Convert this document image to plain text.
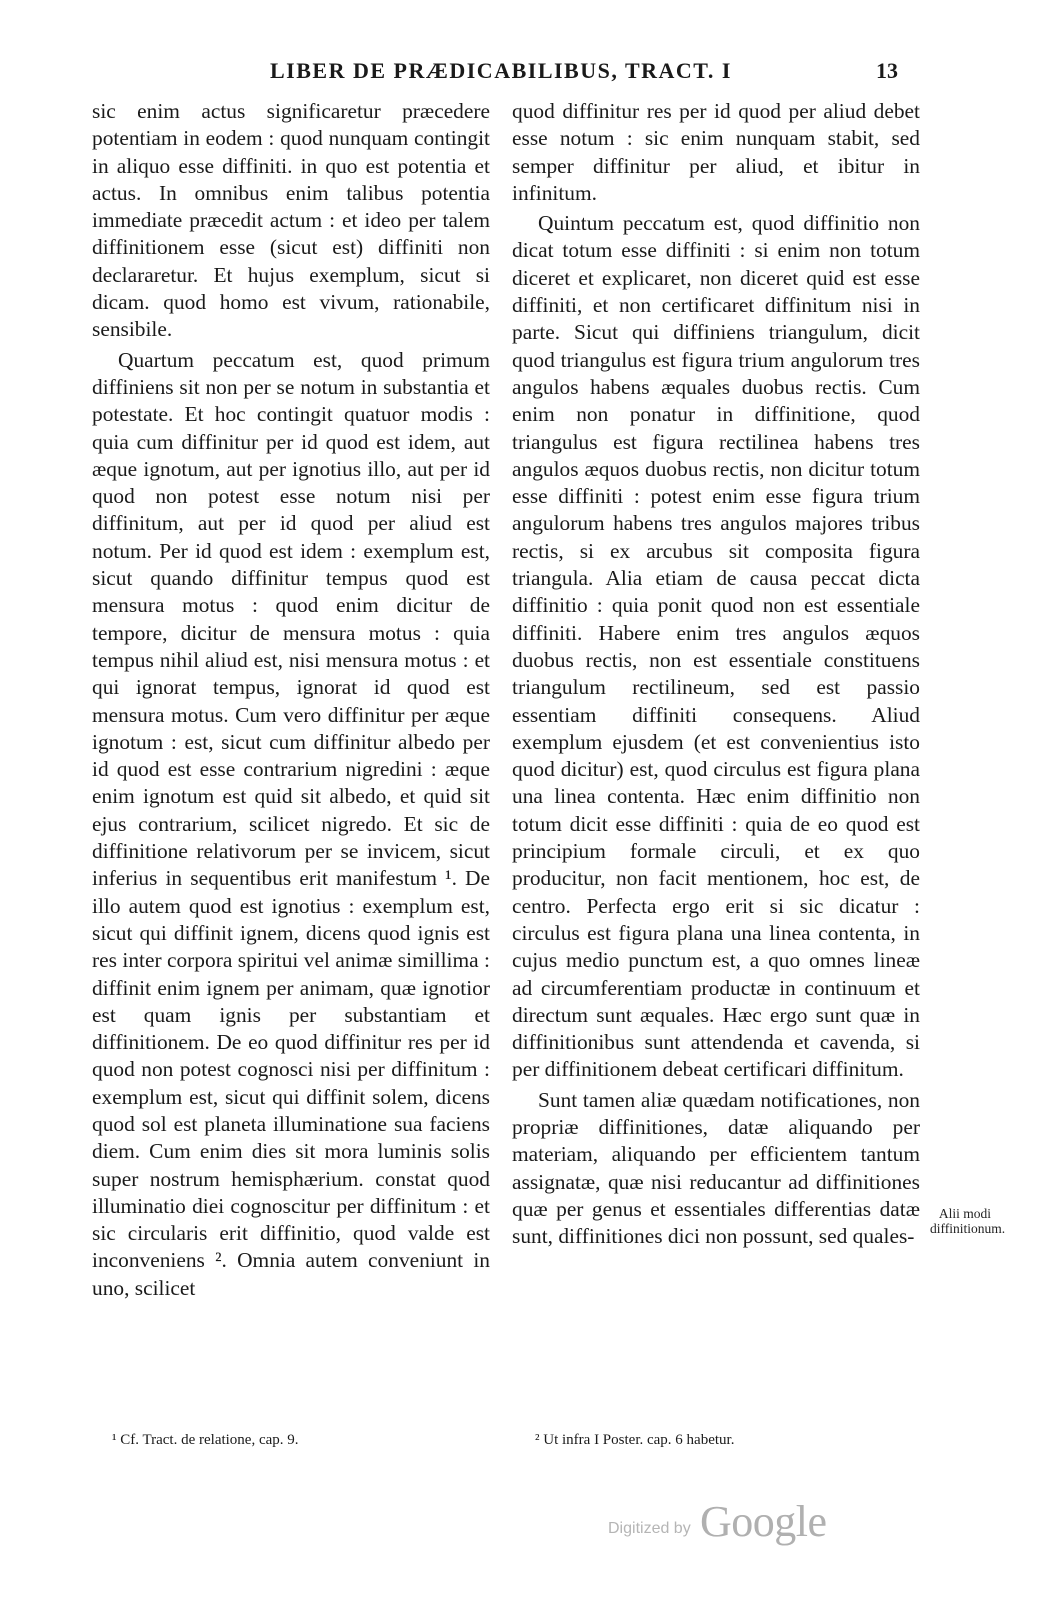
LIBER DE PRÆDICABILIBUS, TRACT. I	13

sic enim actus significaretur præcedere potentiam in eodem : quod nunquam contingit in aliquo esse diffiniti. in quo est potentia et actus. In omnibus enim talibus potentia immediate præcedit actum : et ideo per talem diffinitionem esse (sicut est) diffiniti non declararetur. Et hujus exemplum, sicut si dicam. quod homo est vivum, rationabile, sensibile.

Quartum peccatum est, quod primum diffiniens sit non per se notum in substantia et potestate. Et hoc contingit quatuor modis : quia cum diffinitur per id quod est idem, aut æque ignotum, aut per ignotius illo, aut per id quod non potest esse notum nisi per diffinitum, aut per id quod per aliud est notum. Per id quod est idem : exemplum est, sicut quando diffinitur tempus quod est mensura motus : quod enim dicitur de tempore, dicitur de mensura motus : quia tempus nihil aliud est, nisi mensura motus : et qui ignorat tempus, ignorat id quod est mensura motus. Cum vero diffinitur per æque ignotum : est, sicut cum diffinitur albedo per id quod est esse contrarium nigredini : æque enim ignotum est quid sit albedo, et quid sit ejus contrarium, scilicet nigredo. Et sic de diffinitione relativorum per se invicem, sicut inferius in sequentibus erit manifestum ¹. De illo autem quod est ignotius : exemplum est, sicut qui diffinit ignem, dicens quod ignis est res inter corpora spiritui vel animæ simillima : diffinit enim ignem per animam, quæ ignotior est quam ignis per substantiam et diffinitionem. De eo quod diffinitur res per id quod non potest cognosci nisi per diffinitum : exemplum est, sicut qui diffinit solem, dicens quod sol est planeta illuminatione sua faciens diem. Cum enim dies sit mora luminis solis super nostrum hemisphærium. constat quod illuminatio diei cognoscitur per diffinitum : et sic circularis erit diffinitio, quod valde est inconveniens ². Omnia autem conveniunt in uno, scilicet

quod diffinitur res per id quod per aliud debet esse notum : sic enim nunquam stabit, sed semper diffinitur per aliud, et ibitur in infinitum.

Quintum peccatum est, quod diffinitio non dicat totum esse diffiniti : si enim non totum diceret et explicaret, non diceret quid est esse diffiniti, et non certificaret diffinitum nisi in parte. Sicut qui diffiniens triangulum, dicit quod triangulus est figura trium angulorum tres angulos habens æquales duobus rectis. Cum enim non ponatur in diffinitione, quod triangulus est figura rectilinea habens tres angulos æquos duobus rectis, non dicitur totum esse diffiniti : potest enim esse figura trium angulorum habens tres angulos majores tribus rectis, si ex arcubus sit composita figura triangula. Alia etiam de causa peccat dicta diffinitio : quia ponit quod non est essentiale diffiniti. Habere enim tres angulos æquos duobus rectis, non est essentiale constituens triangulum rectilineum, sed est passio essentiam diffiniti consequens. Aliud exemplum ejusdem (et est convenientius isto quod dicitur) est, quod circulus est figura plana una linea contenta. Hæc enim diffinitio non totum dicit esse diffiniti : quia de eo quod est principium formale circuli, et ex quo producitur, non facit mentionem, hoc est, de centro. Perfecta ergo erit si sic dicatur : circulus est figura plana una linea contenta, in cujus medio punctum est, a quo omnes lineæ ad circumferentiam productæ in continuum et directum sunt æquales. Hæc ergo sunt quæ in diffinitionibus sunt attendenda et cavenda, si per diffinitionem debeat certificari diffinitum.

Sunt tamen aliæ quædam notificationes, non propriæ diffinitiones, datæ aliquando per materiam, aliquando per efficientem tantum assignatæ, quæ nisi reducantur ad diffinitiones quæ per genus et essentiales differentias datæ sunt, diffinitiones dici non possunt, sed quales-

Alii modi diffinitionum.
¹ Cf. Tract. de relatione, cap. 9.	² Ut infra I Poster. cap. 6 habetur.
Digitized by Google
